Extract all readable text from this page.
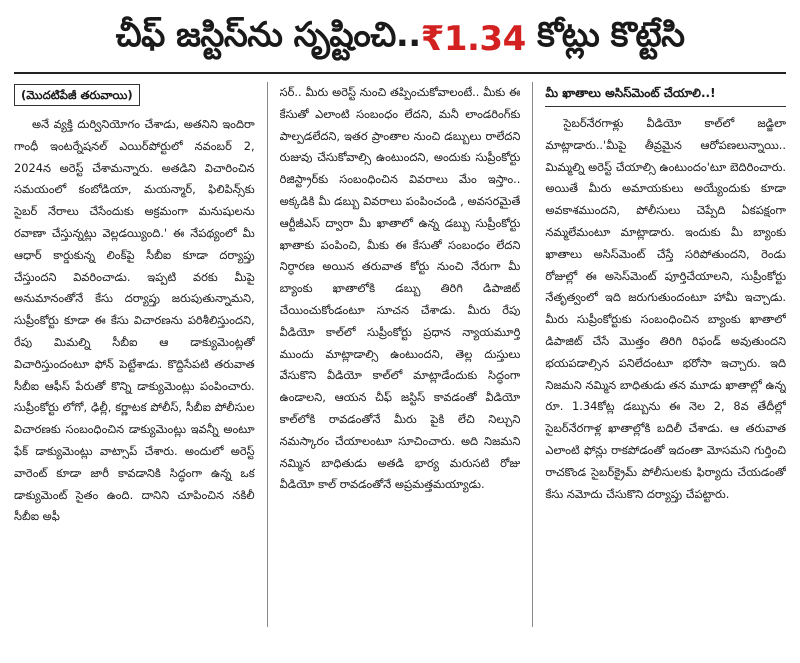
చీఫ్ జస్టిస్‌ను సృష్టించి.. ₹1.34
కోట్లు కొట్టేసి
(మొదటిపేజీ తరువాయి)

అనే వ్యక్తి దుర్వినియోగం చేశాడు, అతనిని ఇందిరా గాంధీ ఇంటర్నేషనల్ ఎయిర్‌పోర్టులో నవంబర్ 2, 2024న అరెస్ట్ చేశామన్నారు. అతడిని విచారించిన సమయంలో కంబోడియా, మయన్మార్, ఫిలిపిన్స్‌కు సైబర్ నేరాలు చేసేందుకు అక్రమంగా మనుషులను రవాణా చేస్తున్నట్లు వెల్లడయ్యింది.' ఈ నేపథ్యంలో మీ ఆధార్ కార్డుకున్న లింక్‌పై సీబీఐ కూడా దర్యాప్తు చేస్తుందని వివరించాడు. ఇప్పటి వరకు మీపై అనుమానంతోనే కేసు దర్యాప్తు జరుపుతున్నామని, సుప్రీంకోర్టు కూడా ఈ కేసు విచారణను పరిశీలిస్తుందని, రేపు మిమల్ని సీబీఐ ఆ డాక్యుమెంట్లతో విచారిస్తుందంటూ ఫోన్ పెట్టేశాడు. కొద్దిసేపటి తరువాత సీబీఐ ఆఫీస్ పేరుతో కొన్ని డాక్యుమెంట్లు పంపించారు. సుప్రీంకోర్టు లోగో, ఢిల్లీ, కర్ణాటక పోలీస్, సీబీఐ పోలీసుల విచారణకు సంబంధించిన డాక్యుమెంట్లు ఇవన్నీ అంటూ ఫేక్ డాక్యుమెంట్లు వాట్సాప్ చేశారు. అందులో అరెస్ట్ వారెంట్ కూడా జారీ కావడానికి సిద్ధంగా ఉన్న ఒక డాక్యుమెంట్ సైతం ఉంది. దానిని చూపించిన నకిలీ సీబీఐ అఫీ

సర్.. మీరు అరెస్ట్ నుంచి తప్పించుకోవాలంటే.. మీకు ఈ కేసుతో ఎలాంటి సంబంధం లేదని, మనీ లాండరింగ్‌కు పాల్పడలేదని, ఇతర ప్రాంతాల నుంచి డబ్బులు రాలేదని రుజువు చేసుకోవాల్సి ఉంటుందని, అందుకు సుప్రీంకోర్టు రిజిస్ట్రార్‌కు సంబంధించిన వివరాలు మేం ఇస్తాం.. అక్కడికి మీ డబ్బు వివరాలు పంపించండి , అవసరమైతే ఆర్టీజీఎస్ ద్వారా మీ ఖాతాలో ఉన్న డబ్బు సుప్రీంకోర్టు ఖాతాకు పంపించి, మీకు ఈ కేసుతో సంబంధం లేదని నిర్ధారణ అయిన తరువాత కోర్టు నుంచి నేరుగా మీ బ్యాంకు ఖాతాలోకి డబ్బు తిరిగి డిపాజిట్ చేయించుకోండంటూ సూచన చేశాడు. మీరు రేపు వీడియో కాల్‌లో సుప్రీంకోర్టు ప్రధాన న్యాయమూర్తి ముందు మాట్లాడాల్సి ఉంటుందని, తెల్ల దుస్తులు వేసుకొని వీడియో కాల్‌లో మాట్లాడేందుకు సిద్ధంగా ఉండాలని, ఆయన చీఫ్ జస్టిస్ కావడంతో వీడియో కాల్‌లోకి రావడంతోనే మీరు పైకి లేచి నిల్చుని నమస్కారం చేయాలంటూ సూచించారు. అది నిజమని నమ్మిన బాధితుడు అతడి భార్య మరుసటి రోజు వీడియో కాల్ రావడంతోనే అప్రమత్తమయ్యాడు.

మీ ఖాతాలు అసిస్‌మెంట్ చేయాలి..!

సైబర్‌నేరగాళ్లు వీడియో కాల్‌లో జడ్జిలా మాట్లాడారు..'మీపై తీవ్రమైన ఆరోపణలున్నాయి.. మిమ్మల్ని అరెస్ట్ చేయాల్సి ఉంటుందం'టూ బెదిరించారు. అయితే మీరు అమాయకులు అయ్యేందుకు కూడా అవకాశముందని, పోలీసులు చెప్పేది ఏకపక్షంగా నమ్మలేమంటూ మాట్లాడారు. ఇందుకు మీ బ్యాంకు ఖాతాలు అసిస్‌మెంట్ చేస్తే సరిపోతుందని, రెండు రోజుల్లో ఈ అసెస్‌మెంట్ పూర్తిచేయాలని, సుప్రీంకోర్టు నేతృత్వంలో ఇది జరుగుతుందంటూ హామీ ఇచ్చాడు. మీరు సుప్రీంకోర్టుకు సంబంధించిన బ్యాంకు ఖాతాలో డిపాజిట్ చేసే మొత్తం తిరిగి రిఫండ్ అవుతుందని భయపడాల్సిన పనిలేదంటూ భరోసా ఇచ్చారు. ఇది నిజమని నమ్మిన బాధితుడు తన మూడు ఖాతాల్లో ఉన్న రూ. 1.34కోట్ల డబ్బును ఈ నెల 2, 8వ తేదీల్లో సైబర్‌నేరగాళ్ల ఖాతాల్లోకి బదిలీ చేశాడు. ఆ తరువాత ఎలాంటి ఫోన్లు రాకపోడంతో ఇదంతా మోసమని గుర్తించి రాచకొండ సైబర్‌క్రైమ్ పోలీసులకు ఫిర్యాదు చేయడంతో కేసు నమోదు చేసుకొని దర్యాప్తు చేపట్టారు.
